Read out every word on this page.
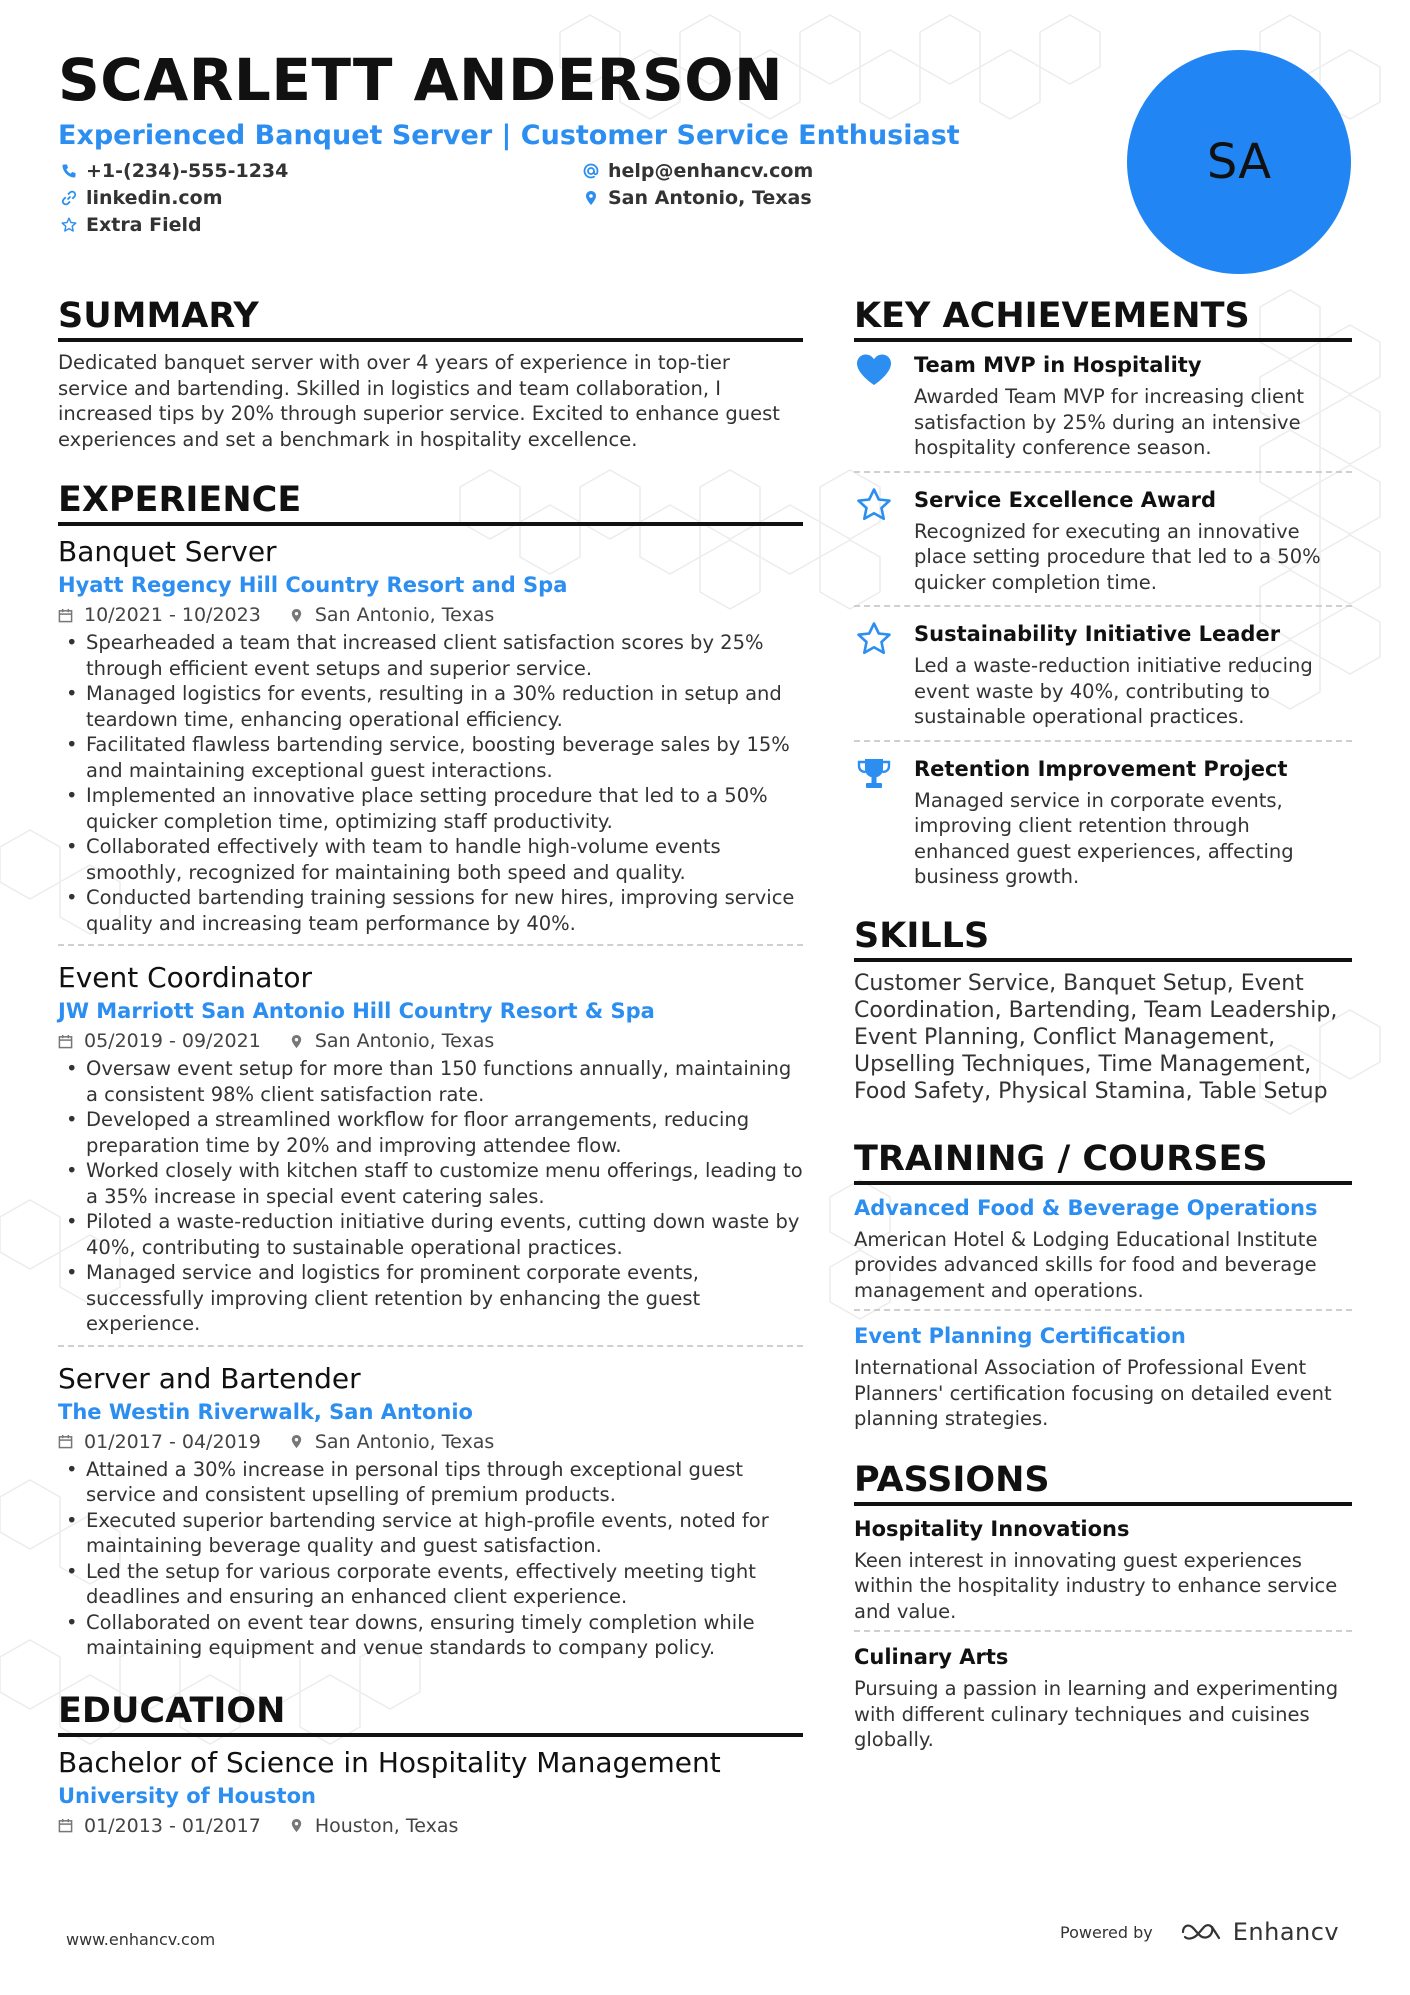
SCARLETT ANDERSON
Experienced Banquet Server | Customer Service Enthusiast
+1-(234)-555-1234	help@enhancv.com
linkedin.com	San Antonio, Texas
Extra Field
SA
SUMMARY
Dedicated banquet server with over 4 years of experience in top-tier service and bartending. Skilled in logistics and team collaboration, I increased tips by 20% through superior service. Excited to enhance guest experiences and set a benchmark in hospitality excellence.
EXPERIENCE
Banquet Server
Hyatt Regency Hill Country Resort and Spa
10/2021 - 10/2023	San Antonio, Texas
• Spearheaded a team that increased client satisfaction scores by 25% through efficient event setups and superior service.
• Managed logistics for events, resulting in a 30% reduction in setup and teardown time, enhancing operational efficiency.
• Facilitated flawless bartending service, boosting beverage sales by 15% and maintaining exceptional guest interactions.
• Implemented an innovative place setting procedure that led to a 50% quicker completion time, optimizing staff productivity.
• Collaborated effectively with team to handle high-volume events smoothly, recognized for maintaining both speed and quality.
• Conducted bartending training sessions for new hires, improving service quality and increasing team performance by 40%.
Event Coordinator
JW Marriott San Antonio Hill Country Resort & Spa
05/2019 - 09/2021	San Antonio, Texas
• Oversaw event setup for more than 150 functions annually, maintaining a consistent 98% client satisfaction rate.
• Developed a streamlined workflow for floor arrangements, reducing preparation time by 20% and improving attendee flow.
• Worked closely with kitchen staff to customize menu offerings, leading to a 35% increase in special event catering sales.
• Piloted a waste-reduction initiative during events, cutting down waste by 40%, contributing to sustainable operational practices.
• Managed service and logistics for prominent corporate events, successfully improving client retention by enhancing the guest experience.
Server and Bartender
The Westin Riverwalk, San Antonio
01/2017 - 04/2019	San Antonio, Texas
• Attained a 30% increase in personal tips through exceptional guest service and consistent upselling of premium products.
• Executed superior bartending service at high-profile events, noted for maintaining beverage quality and guest satisfaction.
• Led the setup for various corporate events, effectively meeting tight deadlines and ensuring an enhanced client experience.
• Collaborated on event tear downs, ensuring timely completion while maintaining equipment and venue standards to company policy.
EDUCATION
Bachelor of Science in Hospitality Management
University of Houston
01/2013 - 01/2017	Houston, Texas
KEY ACHIEVEMENTS
Team MVP in Hospitality
Awarded Team MVP for increasing client satisfaction by 25% during an intensive hospitality conference season.
Service Excellence Award
Recognized for executing an innovative place setting procedure that led to a 50% quicker completion time.
Sustainability Initiative Leader
Led a waste-reduction initiative reducing event waste by 40%, contributing to sustainable operational practices.
Retention Improvement Project
Managed service in corporate events, improving client retention through enhanced guest experiences, affecting business growth.
SKILLS
Customer Service, Banquet Setup, Event Coordination, Bartending, Team Leadership, Event Planning, Conflict Management, Upselling Techniques, Time Management, Food Safety, Physical Stamina, Table Setup
TRAINING / COURSES
Advanced Food & Beverage Operations
American Hotel & Lodging Educational Institute provides advanced skills for food and beverage management and operations.
Event Planning Certification
International Association of Professional Event Planners' certification focusing on detailed event planning strategies.
PASSIONS
Hospitality Innovations
Keen interest in innovating guest experiences within the hospitality industry to enhance service and value.
Culinary Arts
Pursuing a passion in learning and experimenting with different culinary techniques and cuisines globally.
www.enhancv.com	Powered by	Enhancv
